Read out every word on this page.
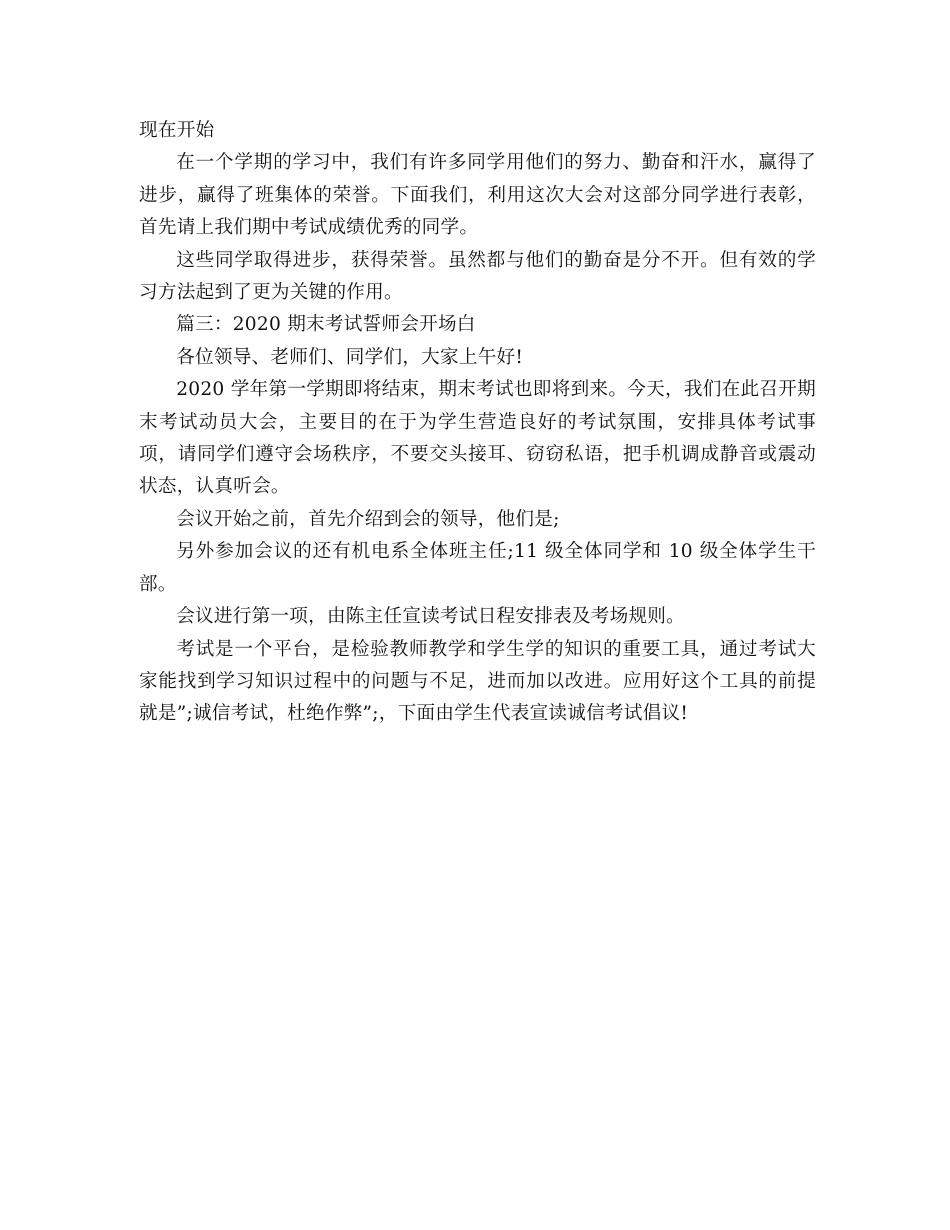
现在开始

在一个学期的学习中，我们有许多同学用他们的努力、勤奋和汗水，赢得了进步，赢得了班集体的荣誉。下面我们，利用这次大会对这部分同学进行表彰，首先请上我们期中考试成绩优秀的同学。

这些同学取得进步，获得荣誉。虽然都与他们的勤奋是分不开。但有效的学习方法起到了更为关键的作用。

篇三：2020 期末考试誓师会开场白

各位领导、老师们、同学们，大家上午好!

2020 学年第一学期即将结束，期末考试也即将到来。今天，我们在此召开期末考试动员大会，主要目的在于为学生营造良好的考试氛围，安排具体考试事项，请同学们遵守会场秩序，不要交头接耳、窃窃私语，把手机调成静音或震动状态，认真听会。

会议开始之前，首先介绍到会的领导，他们是;

另外参加会议的还有机电系全体班主任;11 级全体同学和 10 级全体学生干部。

会议进行第一项，由陈主任宣读考试日程安排表及考场规则。

考试是一个平台，是检验教师教学和学生学的知识的重要工具，通过考试大家能找到学习知识过程中的问题与不足，进而加以改进。应用好这个工具的前提就是”;诚信考试，杜绝作弊”;，下面由学生代表宣读诚信考试倡议!
